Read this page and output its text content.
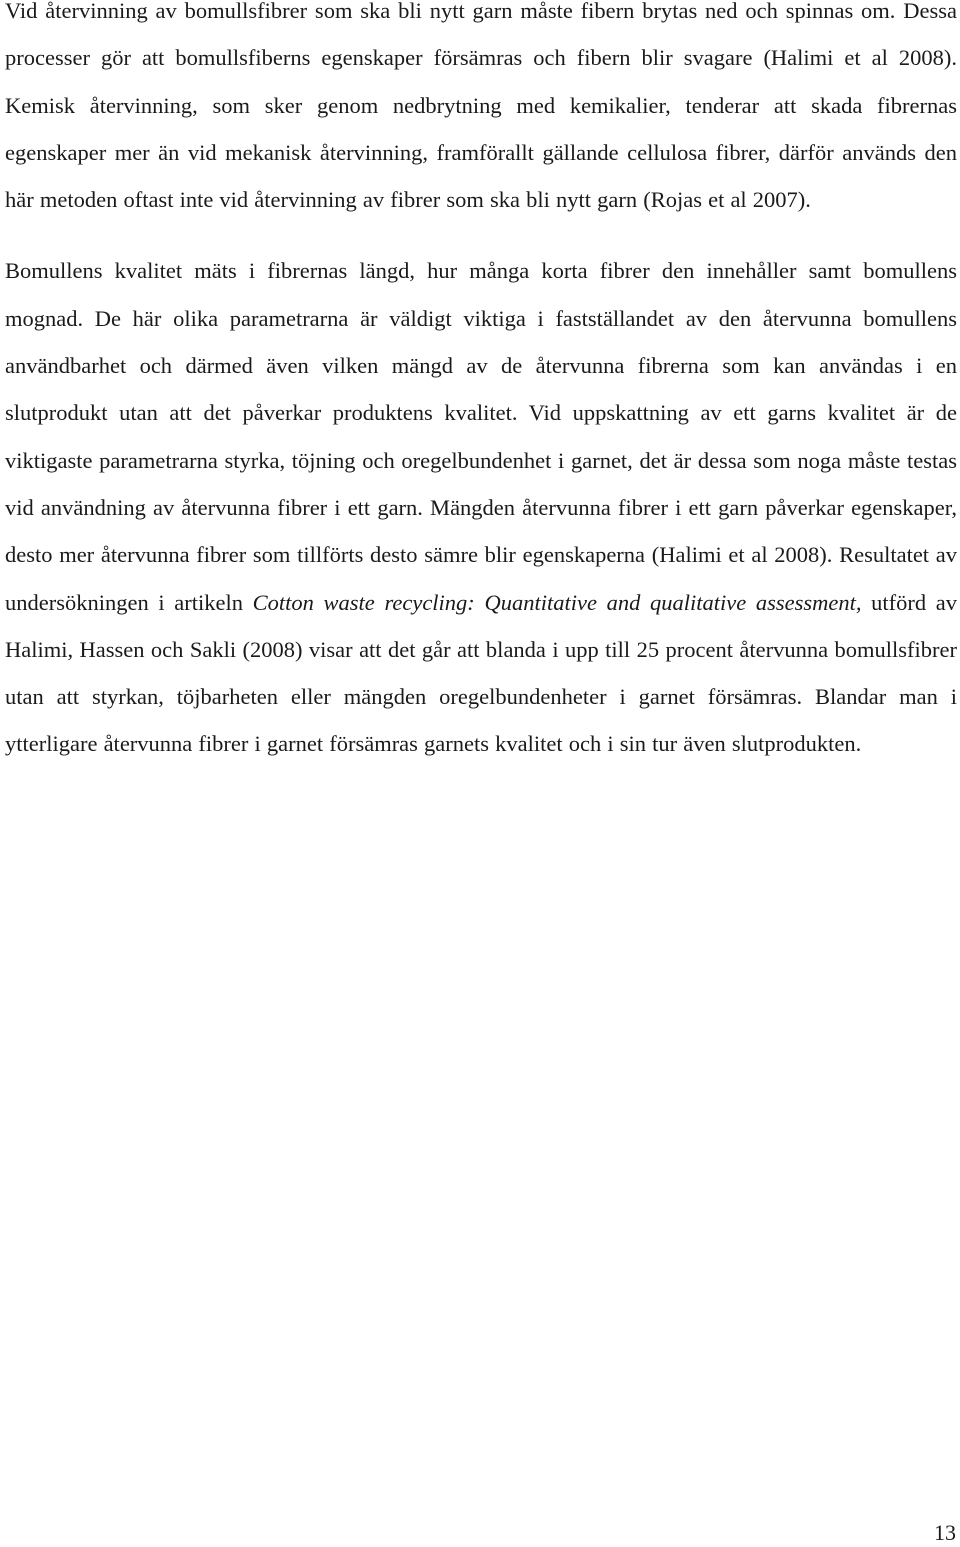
Vid återvinning av bomullsfibrer som ska bli nytt garn måste fibern brytas ned och spinnas om. Dessa processer gör att bomullsfiberns egenskaper försämras och fibern blir svagare (Halimi et al 2008). Kemisk återvinning, som sker genom nedbrytning med kemikalier, tenderar att skada fibrernas egenskaper mer än vid mekanisk återvinning, framförallt gällande cellulosa fibrer, därför används den här metoden oftast inte vid återvinning av fibrer som ska bli nytt garn (Rojas et al 2007).

Bomullens kvalitet mäts i fibrernas längd, hur många korta fibrer den innehåller samt bomullens mognad. De här olika parametrarna är väldigt viktiga i fastställandet av den återvunna bomullens användbarhet och därmed även vilken mängd av de återvunna fibrerna som kan användas i en slutprodukt utan att det påverkar produktens kvalitet. Vid uppskattning av ett garns kvalitet är de viktigaste parametrarna styrka, töjning och oregelbundenhet i garnet, det är dessa som noga måste testas vid användning av återvunna fibrer i ett garn. Mängden återvunna fibrer i ett garn påverkar egenskaper, desto mer återvunna fibrer som tillförts desto sämre blir egenskaperna (Halimi et al 2008). Resultatet av undersökningen i artikeln Cotton waste recycling: Quantitative and qualitative assessment, utförd av Halimi, Hassen och Sakli (2008) visar att det går att blanda i upp till 25 procent återvunna bomullsfibrer utan att styrkan, töjbarheten eller mängden oregelbundenheter i garnet försämras. Blandar man i ytterligare återvunna fibrer i garnet försämras garnets kvalitet och i sin tur även slutprodukten.

13
